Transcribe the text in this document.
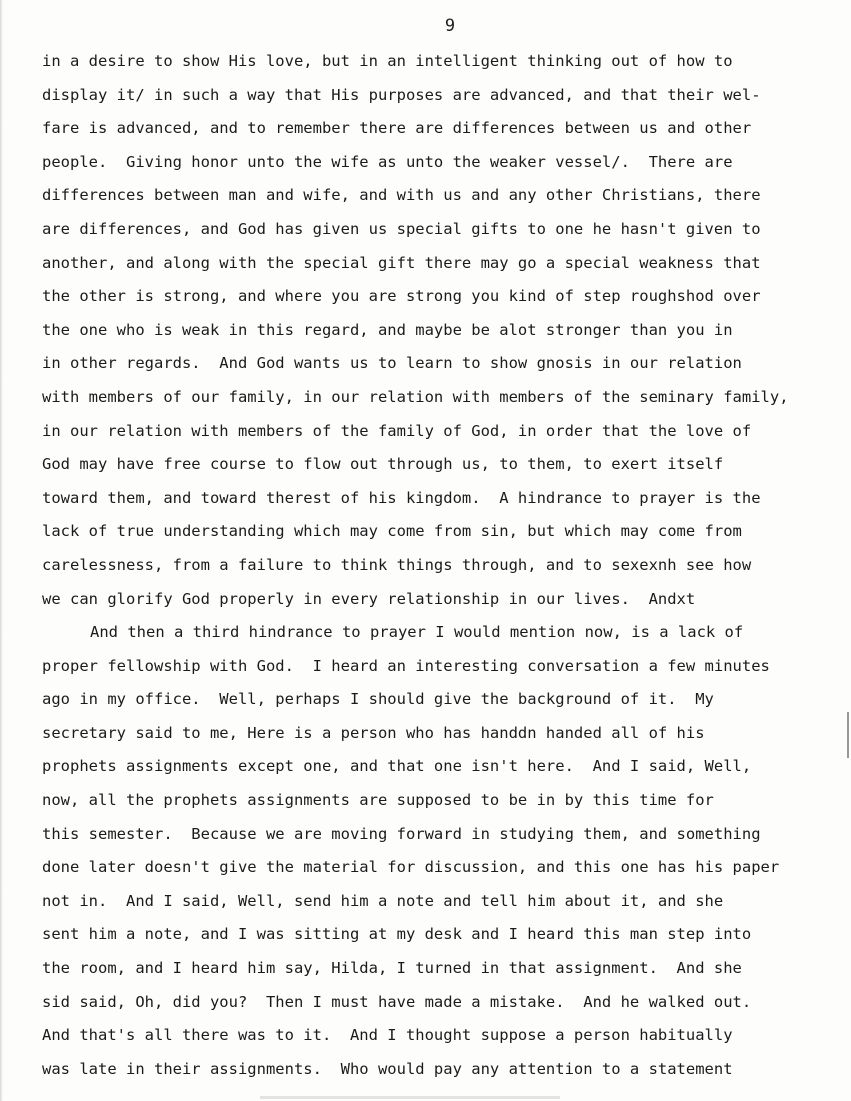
9
in a desire to show His love, but in an intelligent thinking out of how to
display it/ in such a way that His purposes are advanced, and that their wel-
fare is advanced, and to remember there are differences between us and other
people.  Giving honor unto the wife as unto the weaker vessel/.  There are
differences between man and wife, and with us and any other Christians, there
are differences, and God has given us special gifts to one he hasn't given to
another, and along with the special gift there may go a special weakness that
the other is strong, and where you are strong you kind of step roughshod over
the one who is weak in this regard, and maybe be alot stronger than you in
in other regards.  And God wants us to learn to show gnosis in our relation
with members of our family, in our relation with members of the seminary family,
in our relation with members of the family of God, in order that the love of
God may have free course to flow out through us, to them, to exert itself
toward them, and toward therest of his kingdom.  A hindrance to prayer is the
lack of true understanding which may come from sin, but which may come from
carelessness, from a failure to think things through, and to sexexnh see how
we can glorify God properly in every relationship in our lives.  Andxt
And then a third hindrance to prayer I would mention now, is a lack of
proper fellowship with God.  I heard an interesting conversation a few minutes
ago in my office.  Well, perhaps I should give the background of it.  My
secretary said to me, Here is a person who has handdn handed all of his
prophets assignments except one, and that one isn't here.  And I said, Well,
now, all the prophets assignments are supposed to be in by this time for
this semester.  Because we are moving forward in studying them, and something
done later doesn't give the material for discussion, and this one has his paper
not in.  And I said, Well, send him a note and tell him about it, and she
sent him a note, and I was sitting at my desk and I heard this man step into
the room, and I heard him say, Hilda, I turned in that assignment.  And she
sid said, Oh, did you?  Then I must have made a mistake.  And he walked out.
And that's all there was to it.  And I thought suppose a person habitually
was late in their assignments.  Who would pay any attention to a statement
